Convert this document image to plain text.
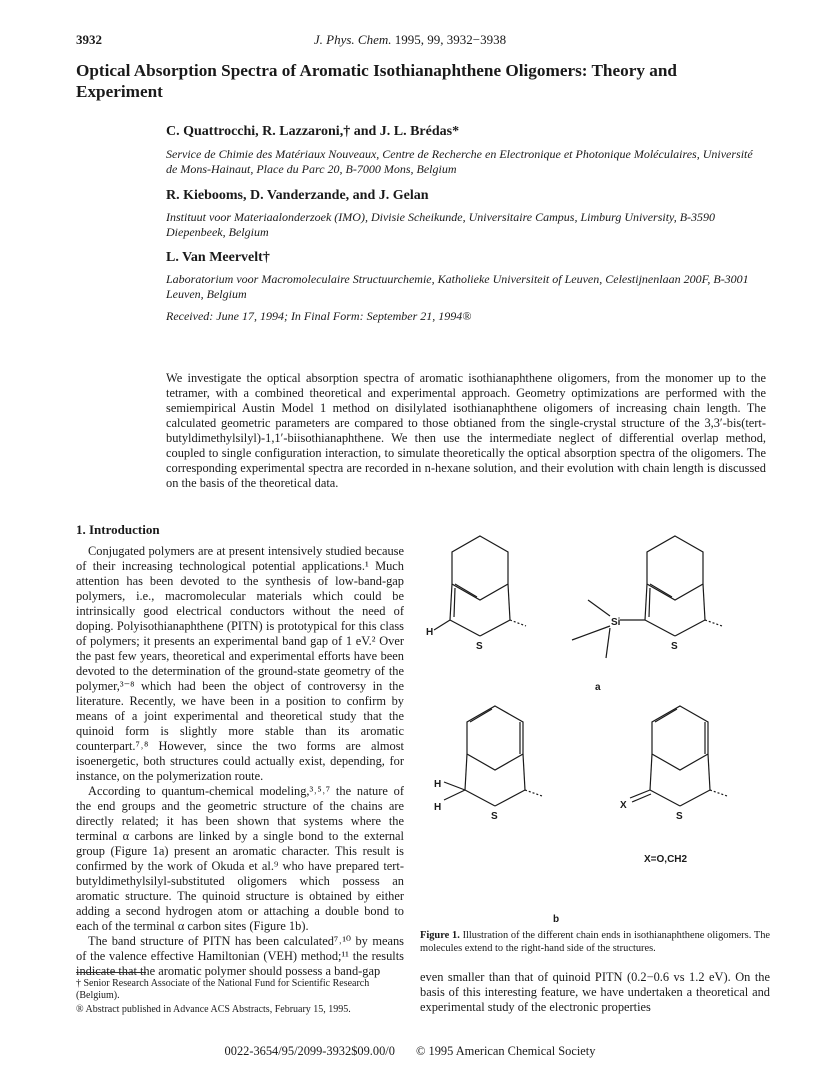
3932	J. Phys. Chem. 1995, 99, 3932−3938
Optical Absorption Spectra of Aromatic Isothianaphthene Oligomers: Theory and Experiment
C. Quattrocchi, R. Lazzaroni,† and J. L. Brédas*
Service de Chimie des Matériaux Nouveaux, Centre de Recherche en Electronique et Photonique Moléculaires, Université de Mons-Hainaut, Place du Parc 20, B-7000 Mons, Belgium
R. Kiebooms, D. Vanderzande, and J. Gelan
Instituut voor Materiaalonderzoek (IMO), Divisie Scheikunde, Universitaire Campus, Limburg University, B-3590 Diepenbeek, Belgium
L. Van Meervelt†
Laboratorium voor Macromoleculaire Structuurchemie, Katholieke Universiteit of Leuven, Celestijnenlaan 200F, B-3001 Leuven, Belgium
Received: June 17, 1994; In Final Form: September 21, 1994®

We investigate the optical absorption spectra of aromatic isothianaphthene oligomers, from the monomer up to the tetramer, with a combined theoretical and experimental approach. Geometry optimizations are performed with the semiempirical Austin Model 1 method on disilylated isothianaphthene oligomers of increasing chain length. The calculated geometric parameters are compared to those obtianed from the single-crystal structure of the 3,3′-bis(tert-butyldimethylsilyl)-1,1′-biisothianaphthene. We then use the intermediate neglect of differential overlap method, coupled to single configuration interaction, to simulate theoretically the optical absorption spectra of the oligomers. The corresponding experimental spectra are recorded in n-hexane solution, and their evolution with chain length is discussed on the basis of the theoretical data.

1. Introduction

Conjugated polymers are at present intensively studied because of their increasing technological potential applications.¹ Much attention has been devoted to the synthesis of low-band-gap polymers, i.e., macromolecular materials which could be intrinsically good electrical conductors without the need of doping. Polyisothianaphthene (PITN) is prototypical for this class of polymers; it presents an experimental band gap of 1 eV.² Over the past few years, theoretical and experimental efforts have been devoted to the determination of the ground-state geometry of the polymer,³⁻⁸ which had been the object of controversy in the literature. Recently, we have been in a position to confirm by means of a joint experimental and theoretical study that the quinoid form is slightly more stable than its aromatic counterpart.⁷˒⁸ However, since the two forms are almost isoenergetic, both structures could actually exist, depending, for instance, on the polymerization route.

According to quantum-chemical modeling,³˒⁵˒⁷ the nature of the end groups and the geometric structure of the chains are directly related; it has been shown that systems where the terminal α carbons are linked by a single bond to the external group (Figure 1a) present an aromatic character. This result is confirmed by the work of Okuda et al.⁹ who have prepared tert-butyldimethylsilyl-substituted oligomers which possess an aromatic structure. The quinoid structure is obtained by either adding a second hydrogen atom or attaching a double bond to each of the terminal α carbon sites (Figure 1b).

The band structure of PITN has been calculated⁷˒¹⁰ by means of the valence effective Hamiltonian (VEH) method;¹¹ the results indicate that the aromatic polymer should possess a band-gap

† Senior Research Associate of the National Fund for Scientific Research (Belgium).

® Abstract published in Advance ACS Abstracts, February 15, 1995.

H
S
Si
S
a
H
H
S
X
S
X=O,CH2
b
Figure 1. Illustration of the different chain ends in isothianaphthene oligomers. The molecules extend to the right-hand side of the structures.

even smaller than that of quinoid PITN (0.2−0.6 vs 1.2 eV). On the basis of this interesting feature, we have undertaken a theoretical and experimental study of the electronic properties

0022-3654/95/2099-3932$09.00/0 © 1995 American Chemical Society
